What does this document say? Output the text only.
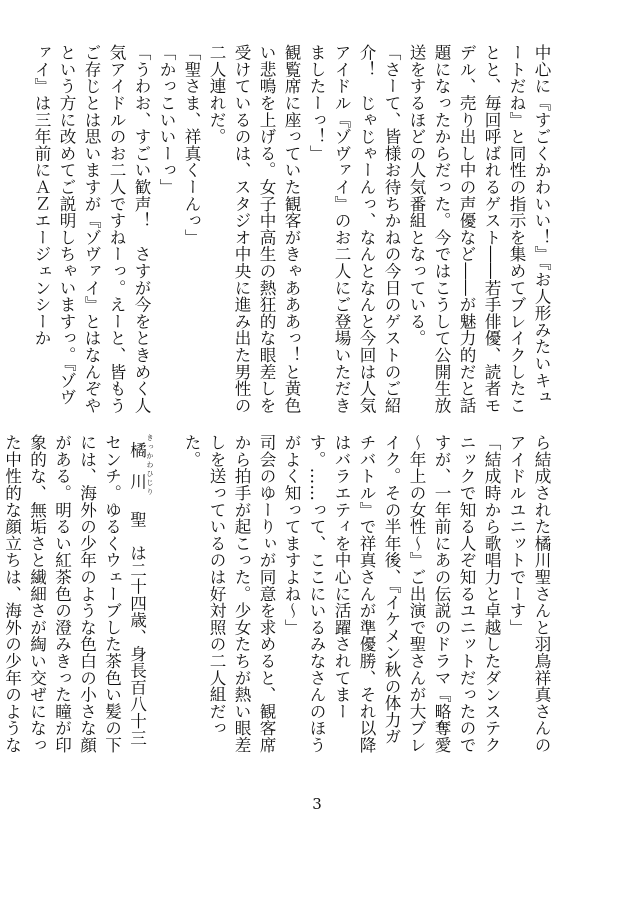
中心に『すごくかわいい！』『お人形みたいキュートだね』と同性の指示を集めてブレイクしたことと、毎回呼ばれるゲスト――若手俳優、読者モデル、売り出し中の声優など――が魅力的だと話題になったからだった。今ではこうして公開生放送をするほどの人気番組となっている。

「さーて、皆様お待ちかねの今日のゲストのご紹介！　じゃじゃーんっ、なんとなんと今回は人気アイドル『ゾヴァイ』のお二人にご登場いただきましたーっ！」

観覧席に座っていた観客がきゃあああっ！と黄色い悲鳴を上げる。女子中高生の熱狂的な眼差しを受けているのは、スタジオ中央に進み出た男性の二人連れだ。

「聖さま、祥真くーんっ」

「かっこいいーっ」

「うわお、すごい歓声！　さすが今をときめく人気アイドルのお二人ですねーっ。えーと、皆もうご存じとは思いますが『ゾヴァイ』とはなんぞやという方に改めてご説明しちゃいますっ。『ゾヴァイ』は三年前にＡＺエージェンシーか

ら結成された橘川聖さんと羽鳥祥真さんのアイドルユニットでーす」

「結成時から歌唱力と卓越したダンステクニックで知る人ぞ知るユニットだったのですが、一年前にあの伝説のドラマ『略奪愛　～年上の女性～』ご出演で聖さんが大ブレイク。その半年後、『イケメン秋の体力ガチバトル』で祥真さんが準優勝、それ以降はバラエティを中心に活躍されてまーす。……って、ここにいるみなさんのほうがよく知ってますよね～」

司会のゆーりぃが同意を求めると、観客席から拍手が起こった。少女たちが熱い眼差しを送っているのは好対照の二人組だった。

橘川 きっかわひじり　聖　は二十四歳、身長百八十三センチ。ゆるくウェーブした茶色い髪の下には、海外の少年のような色白の小さな顔がある。明るい紅茶色の澄みきった瞳が印象的な、無垢さと繊細さが綯い交ぜになった中性的な顔立ちは、海外の少年のような

3
